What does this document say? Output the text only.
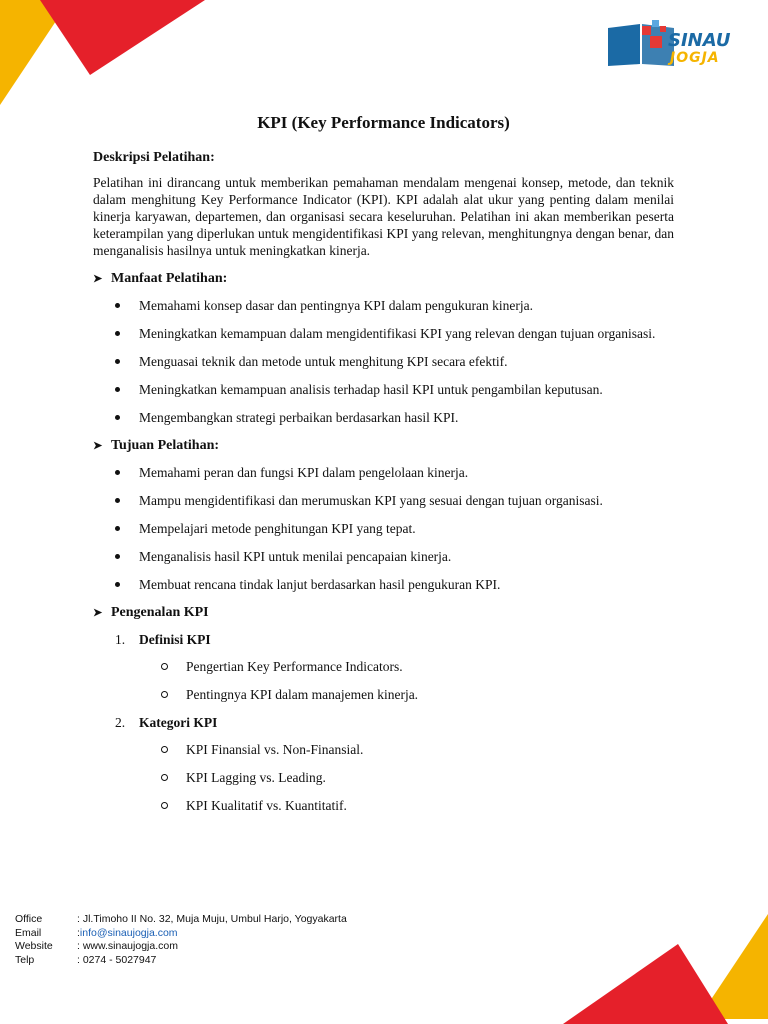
SINAU
JOGJA
KPI (Key Performance Indicators)
Deskripsi Pelatihan:

Pelatihan ini dirancang untuk memberikan pemahaman mendalam mengenai konsep, metode, dan teknik dalam menghitung Key Performance Indicator (KPI). KPI adalah alat ukur yang penting dalam menilai kinerja karyawan, departemen, dan organisasi secara keseluruhan. Pelatihan ini akan memberikan peserta keterampilan yang diperlukan untuk mengidentifikasi KPI yang relevan, menghitungnya dengan benar, dan menganalisis hasilnya untuk meningkatkan kinerja.

➤ Manfaat Pelatihan:
Memahami konsep dasar dan pentingnya KPI dalam pengukuran kinerja.
Meningkatkan kemampuan dalam mengidentifikasi KPI yang relevan dengan tujuan organisasi.
Menguasai teknik dan metode untuk menghitung KPI secara efektif.
Meningkatkan kemampuan analisis terhadap hasil KPI untuk pengambilan keputusan.
Mengembangkan strategi perbaikan berdasarkan hasil KPI.
➤ Tujuan Pelatihan:
Memahami peran dan fungsi KPI dalam pengelolaan kinerja.
Mampu mengidentifikasi dan merumuskan KPI yang sesuai dengan tujuan organisasi.
Mempelajari metode penghitungan KPI yang tepat.
Menganalisis hasil KPI untuk menilai pencapaian kinerja.
Membuat rencana tindak lanjut berdasarkan hasil pengukuran KPI.
➤ Pengenalan KPI
1.	Definisi KPI
Pengertian Key Performance Indicators.
Pentingnya KPI dalam manajemen kinerja.
2.	Kategori KPI
KPI Finansial vs. Non-Finansial.
KPI Lagging vs. Leading.
KPI Kualitatif vs. Kuantitatif.
Office	: Jl.Timoho II No. 32, Muja Muju, Umbul Harjo, Yogyakarta
Email	: info@sinaujogja.com
Website	: www.sinaujogja.com
Telp	: 0274 - 5027947
